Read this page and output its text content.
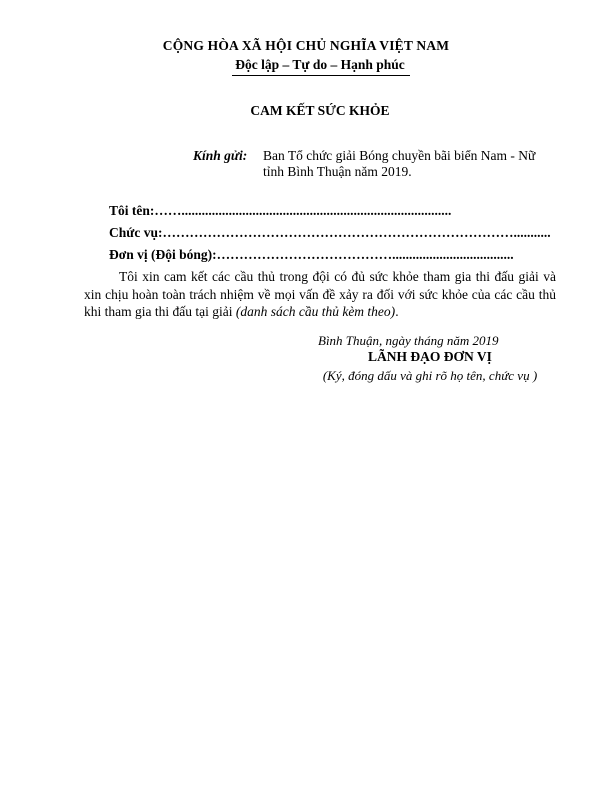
CỘNG HÒA XÃ HỘI CHỦ NGHĨA VIỆT NAM
Độc lập – Tự do – Hạnh phúc
CAM KẾT SỨC KHỎE
Kính gửi: Ban Tổ chức giải Bóng chuyền bãi biển Nam - Nữ tỉnh Bình Thuận năm 2019.
Tôi tên:……................................................................................
Chức vụ:……………………………………………………………………...........
Đơn vị (Đội bóng):…………………………………....................................
Tôi xin cam kết các cầu thủ trong đội có đủ sức khỏe tham gia thi đấu giải và xin chịu hoàn toàn trách nhiệm về mọi vấn đề xảy ra đối với sức khỏe của các cầu thủ khi tham gia thi đấu tại giải (danh sách cầu thủ kèm theo).
Bình Thuận, ngày tháng năm 2019
LÃNH ĐẠO ĐƠN VỊ
(Ký, đóng dấu và ghi rõ họ tên, chức vụ )
